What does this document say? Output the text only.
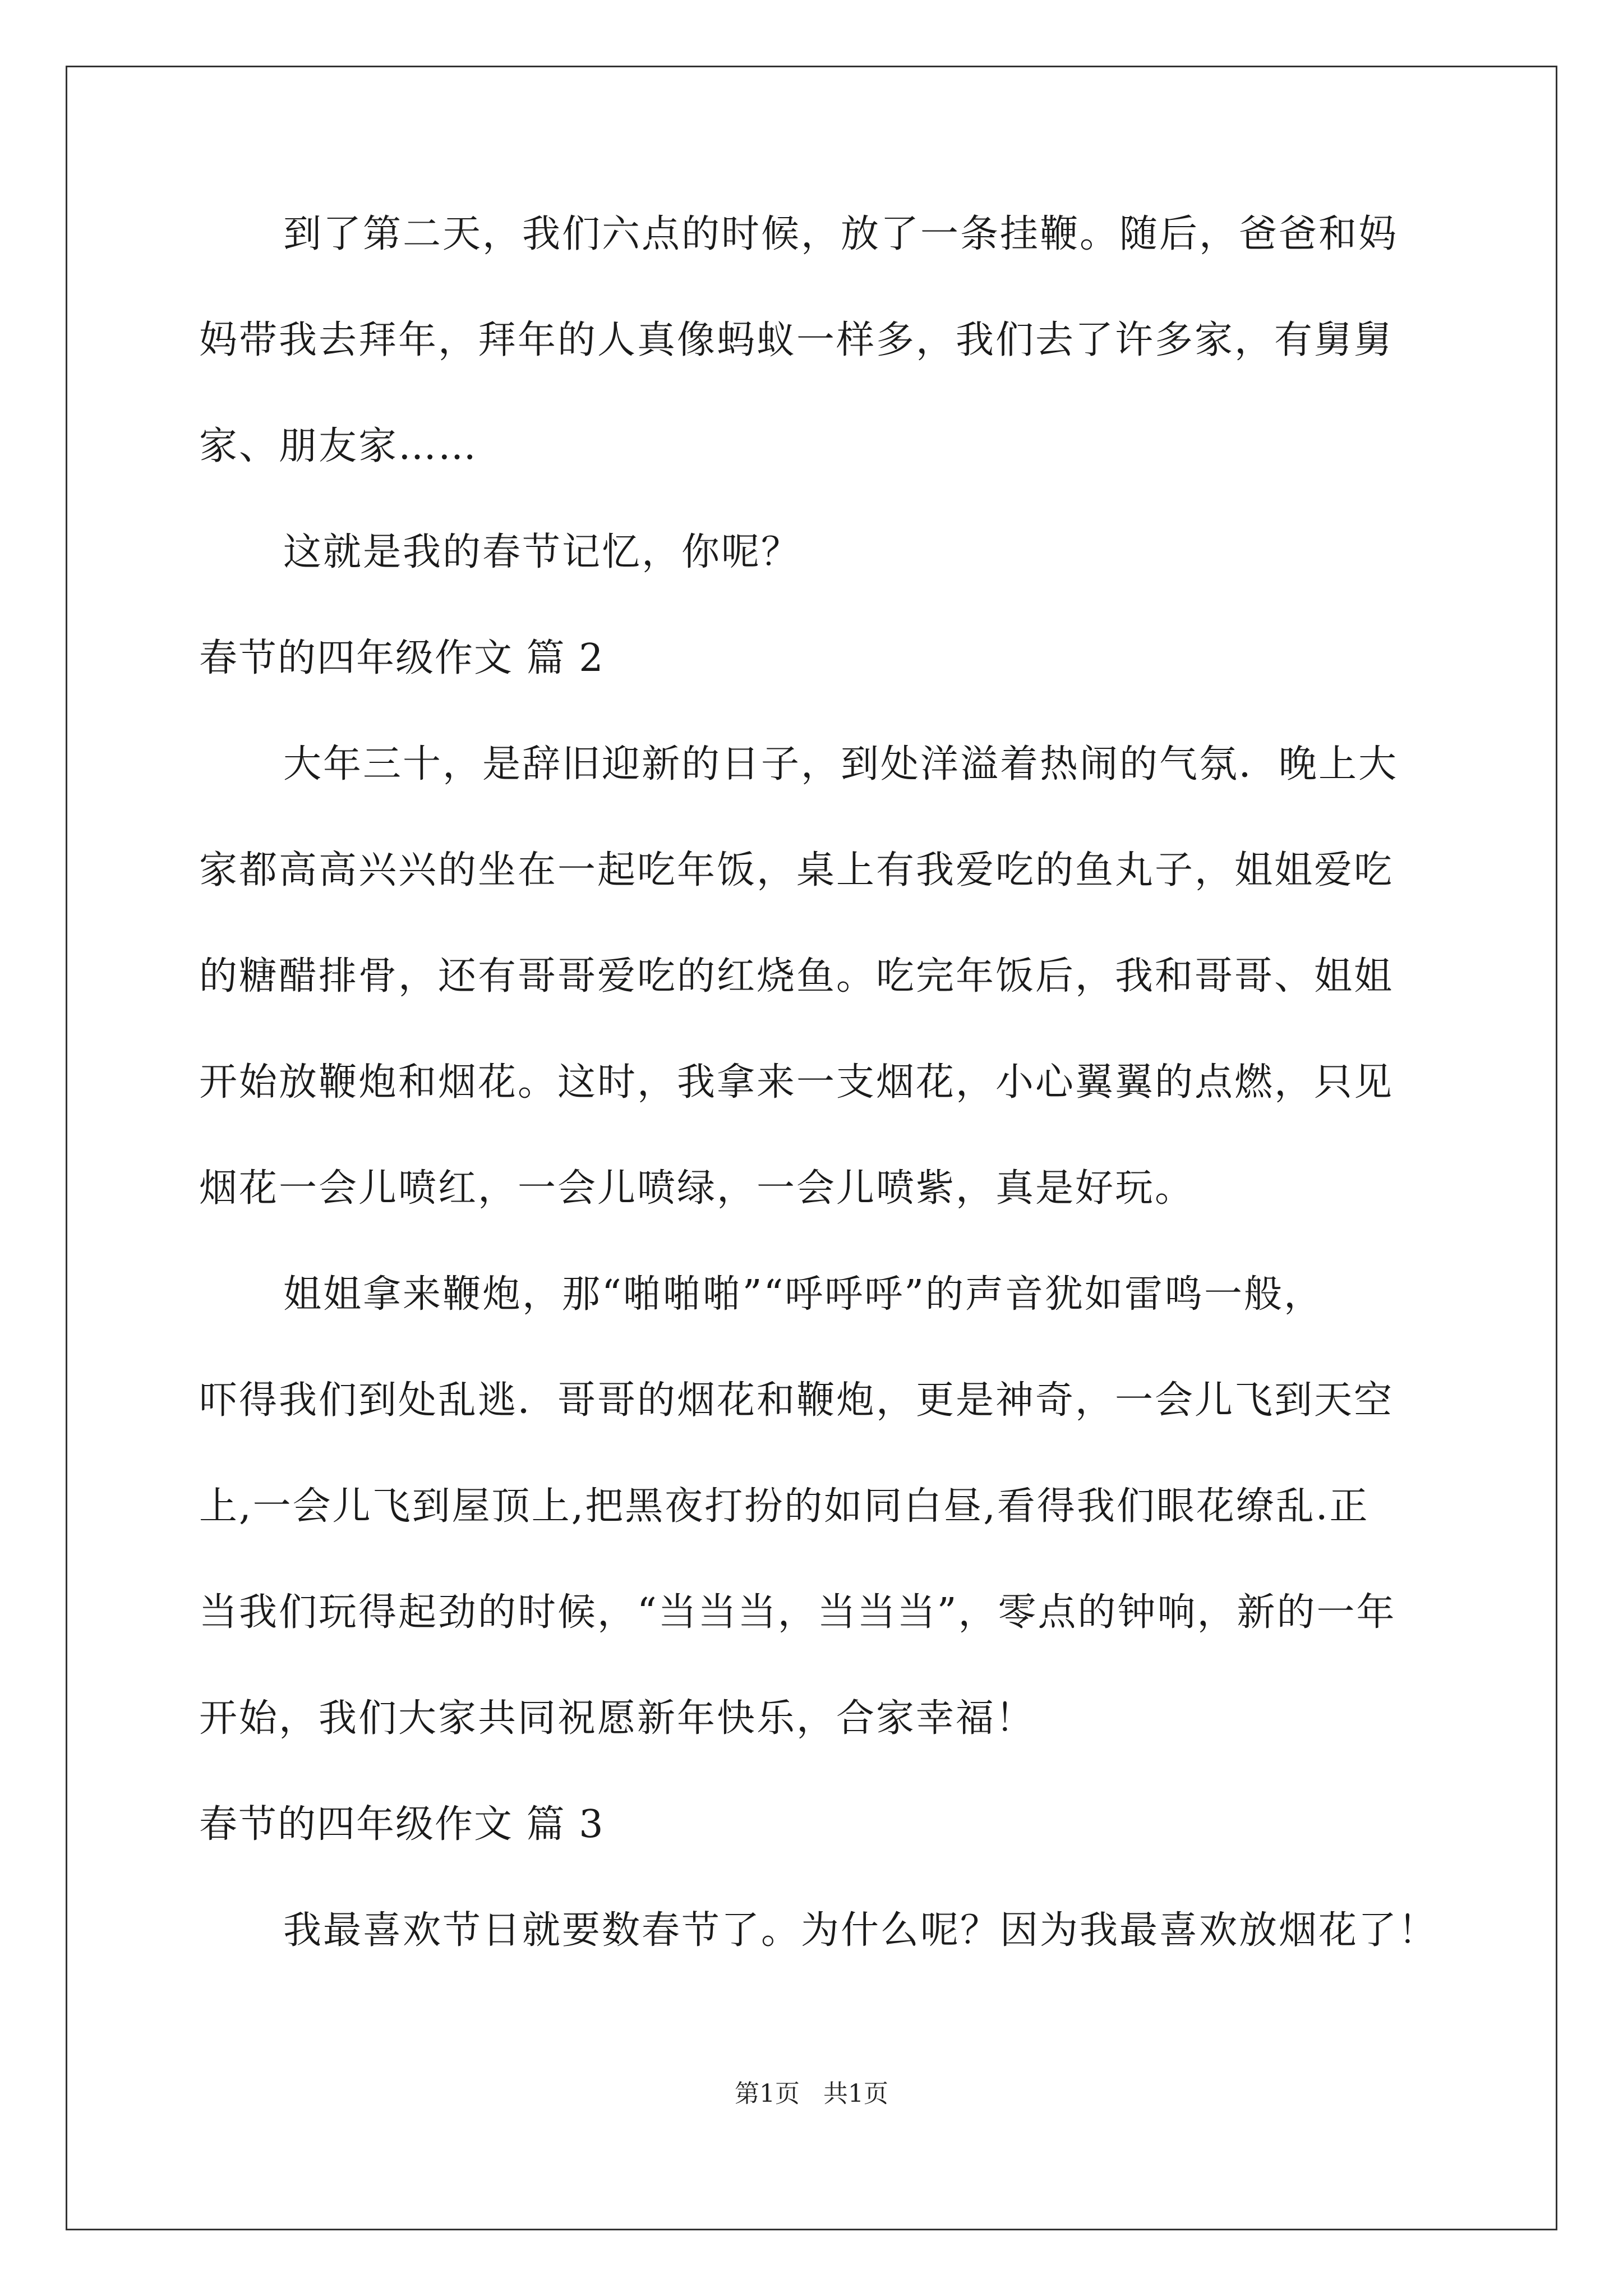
到了第二天，我们六点的时候，放了一条挂鞭。随后，爸爸和妈
妈带我去拜年，拜年的人真像蚂蚁一样多，我们去了许多家，有舅舅
家、朋友家……
这就是我的春节记忆，你呢？
春节的四年级作文 篇 2
大年三十，是辞旧迎新的日子，到处洋溢着热闹的气氛．晚上大
家都高高兴兴的坐在一起吃年饭，桌上有我爱吃的鱼丸子，姐姐爱吃
的糖醋排骨，还有哥哥爱吃的红烧鱼。吃完年饭后，我和哥哥、姐姐
开始放鞭炮和烟花。这时，我拿来一支烟花，小心翼翼的点燃，只见
烟花一会儿喷红，一会儿喷绿，一会儿喷紫，真是好玩。
姐姐拿来鞭炮，那“啪啪啪”“呼呼呼”的声音犹如雷鸣一般，
吓得我们到处乱逃．哥哥的烟花和鞭炮，更是神奇，一会儿飞到天空
上,一会儿飞到屋顶上,把黑夜打扮的如同白昼,看得我们眼花缭乱.正
当我们玩得起劲的时候，“当当当，当当当”，零点的钟响，新的一年
开始，我们大家共同祝愿新年快乐，合家幸福！
春节的四年级作文 篇 3
我最喜欢节日就要数春节了。为什么呢？因为我最喜欢放烟花了！
第1页 共1页
